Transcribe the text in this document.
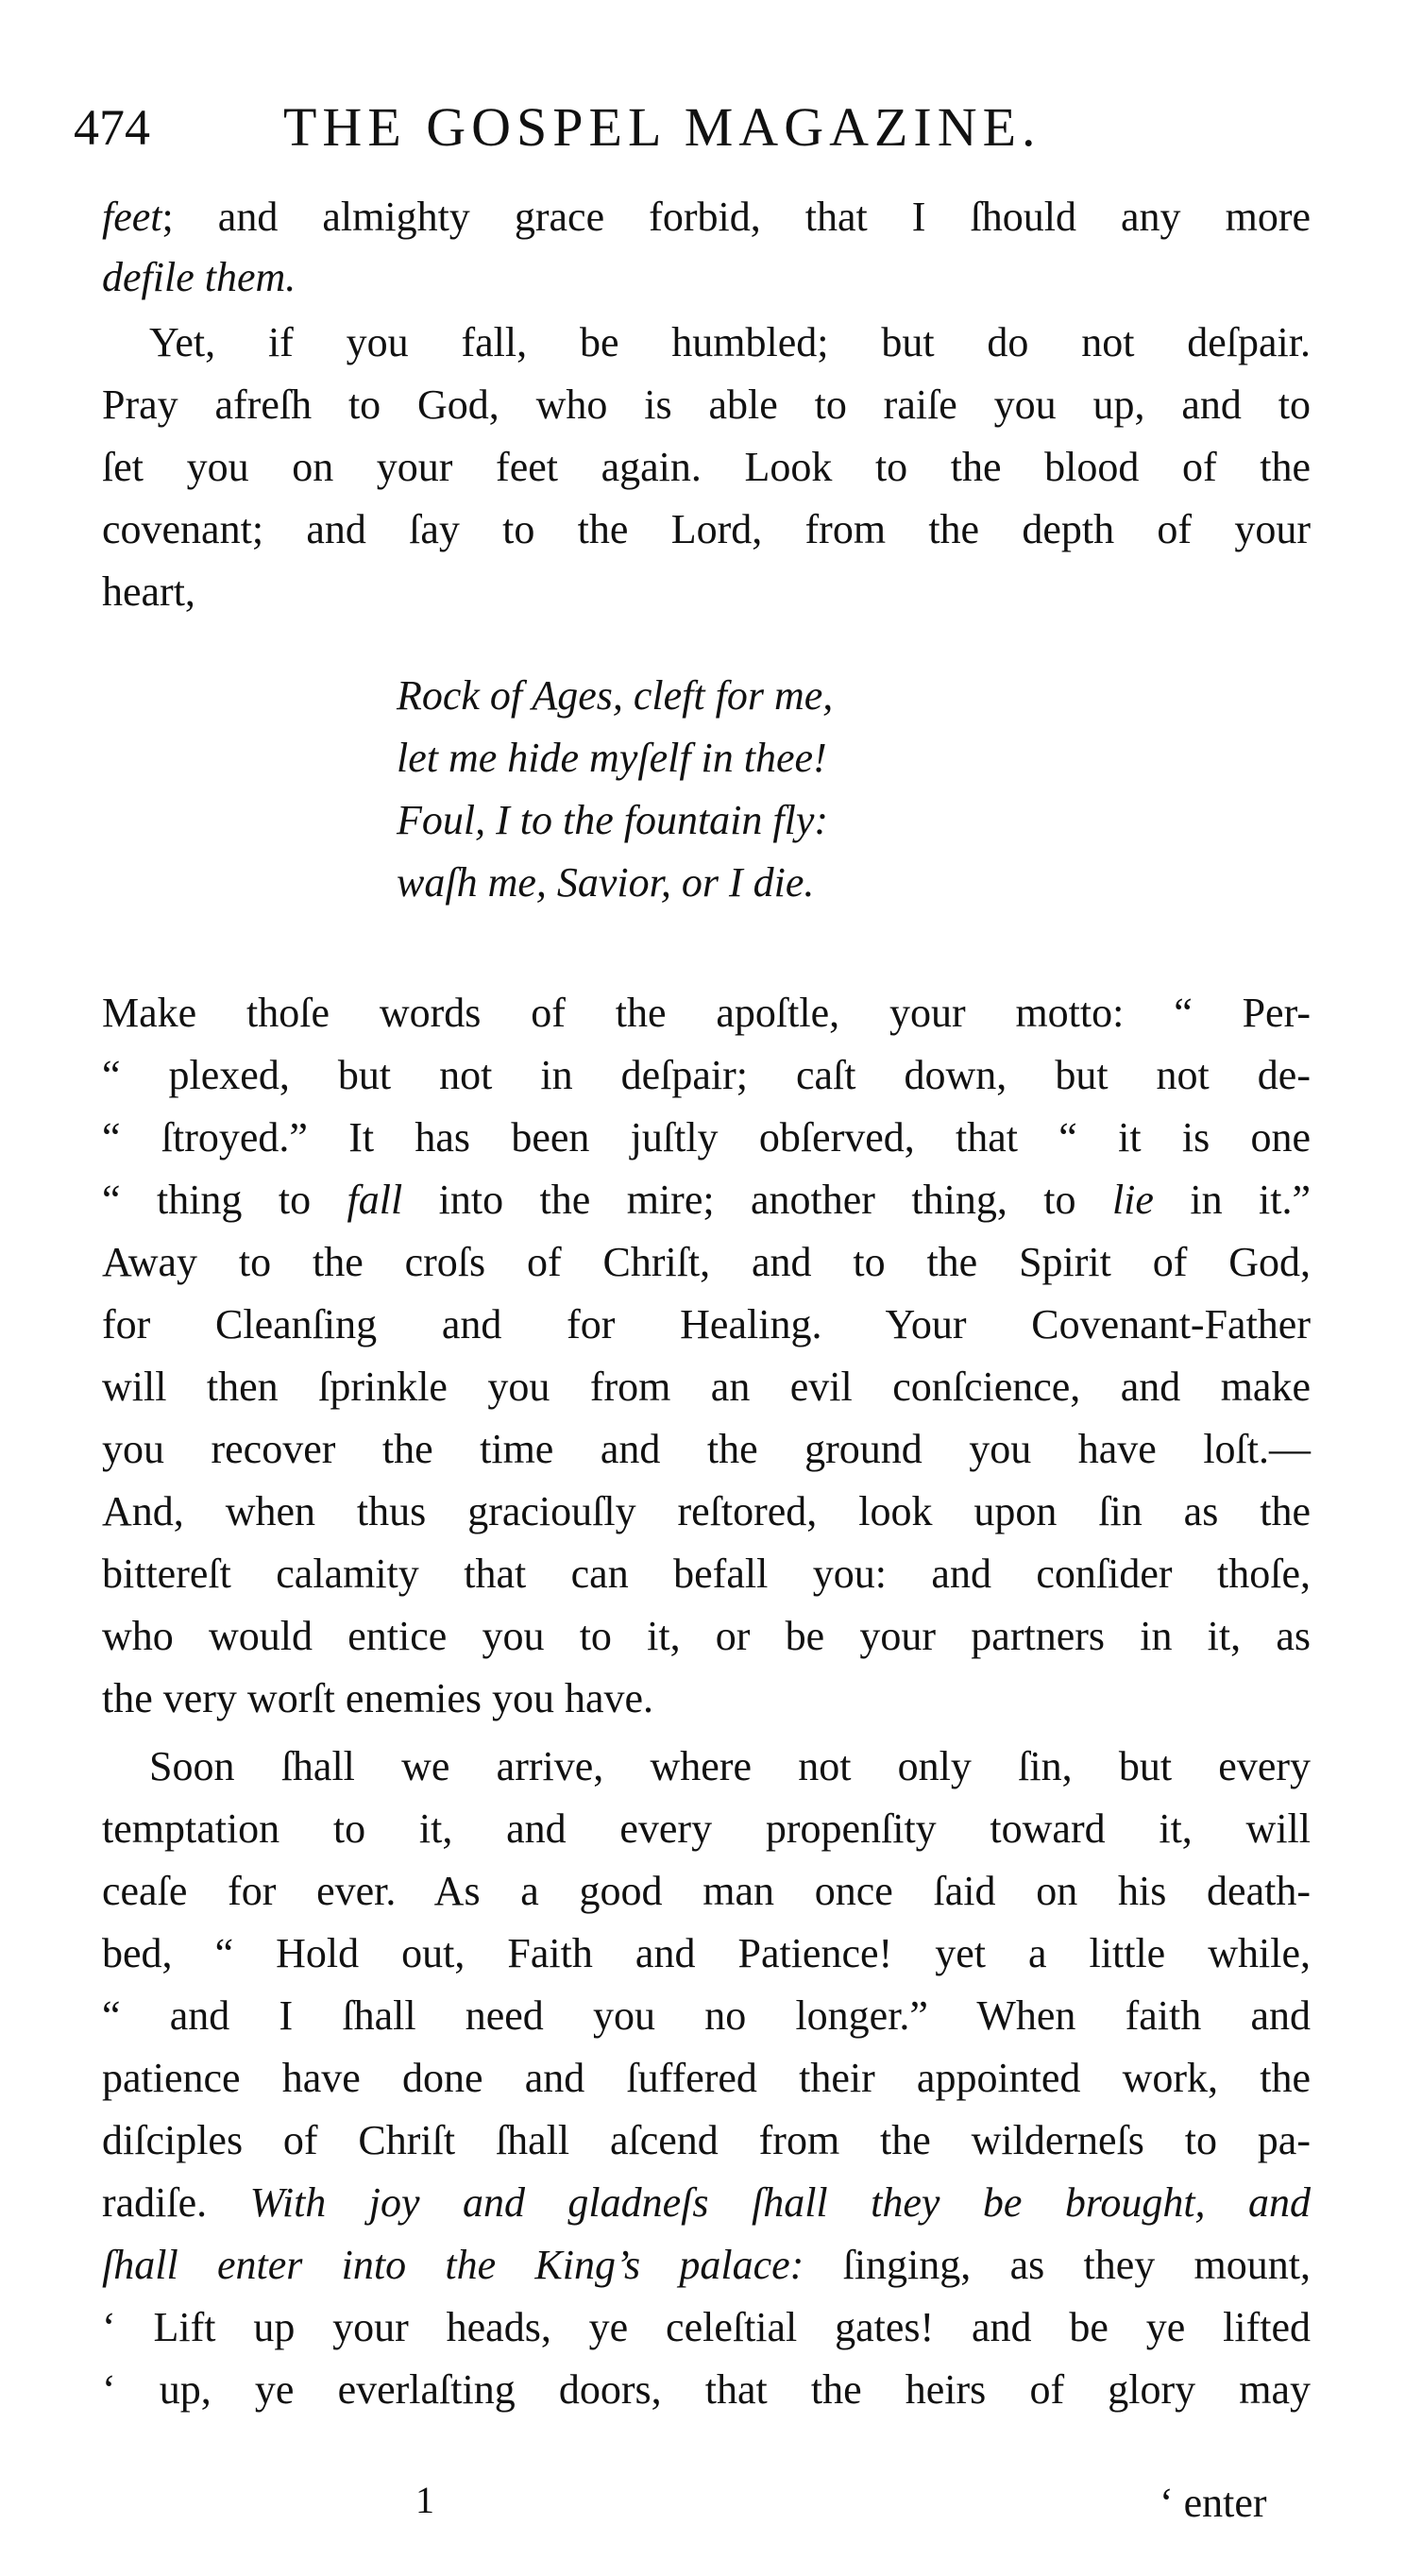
474 THE GOSPEL MAGAZINE.
feet; and almighty grace forbid, that I ſhould any more
defile them.
Yet, if you fall, be humbled; but do not deſpair.
Pray afreſh to God, who is able to raiſe you up, and to
ſet you on your feet again. Look to the blood of the
covenant; and ſay to the Lord, from the depth of your
heart,
Rock of Ages, cleft for me,
let me hide myſelf in thee!
Foul, I to the fountain fly:
waſh me, Savior, or I die.
Make thoſe words of the apoſtle, your motto: “ Per-
“ plexed, but not in deſpair; caſt down, but not de-
“ ſtroyed.” It has been juſtly obſerved, that “ it is one
“ thing to fall into the mire; another thing, to lie in it.”
Away to the croſs of Chriſt, and to the Spirit of God,
for Cleanſing and for Healing. Your Covenant-Father
will then ſprinkle you from an evil conſcience, and make
you recover the time and the ground you have loſt.—
And, when thus graciouſly reſtored, look upon ſin as the
bittereſt calamity that can befall you: and conſider thoſe,
who would entice you to it, or be your partners in it, as
the very worſt enemies you have.
Soon ſhall we arrive, where not only ſin, but every
temptation to it, and every propenſity toward it, will
ceaſe for ever. As a good man once ſaid on his death-
bed, “ Hold out, Faith and Patience! yet a little while,
“ and I ſhall need you no longer.” When faith and
patience have done and ſuffered their appointed work, the
diſciples of Chriſt ſhall aſcend from the wilderneſs to pa-
radiſe. With joy and gladneſs ſhall they be brought, and
ſhall enter into the King’s palace: ſinging, as they mount,
‘ Lift up your heads, ye celeſtial gates! and be ye lifted
‘ up, ye everlaſting doors, that the heirs of glory may
1	‘ enter
